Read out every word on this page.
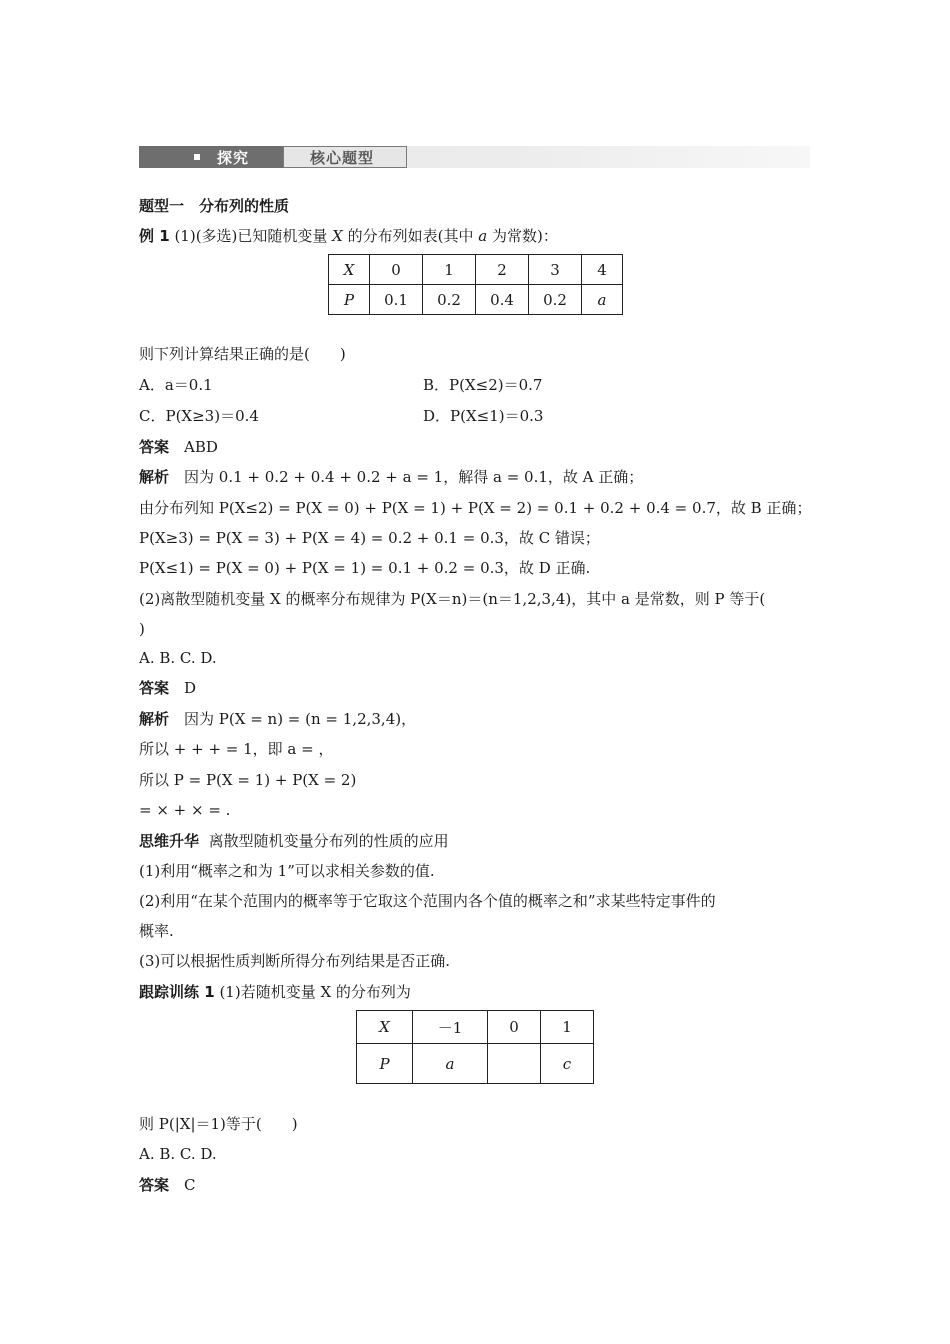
探究	核心题型
题型一　分布列的性质
例 1 (1)(多选)已知随机变量 X 的分布列如表(其中 a 为常数)：
X	0	1	2	3	4
P	0.1	0.2	0.4	0.2	a
则下列计算结果正确的是(　　)
A．a＝0.1	B．P(X≤2)＝0.7
C．P(X≥3)＝0.4	D．P(X≤1)＝0.3
答案　 ABD
解析　 因为 0.1 + 0.2 + 0.4 + 0.2 + a = 1，解得 a = 0.1，故 A 正确；
由分布列知 P(X≤2) = P(X = 0) + P(X = 1) + P(X = 2) = 0.1 + 0.2 + 0.4 = 0.7，故 B 正确；
P(X≥3) = P(X = 3) + P(X = 4) = 0.2 + 0.1 = 0.3，故 C 错误；
P(X≤1) = P(X = 0) + P(X = 1) = 0.1 + 0.2 = 0.3，故 D 正确.
(2)离散型随机变量 X 的概率分布规律为 P(X＝n)＝(n＝1,2,3,4)，其中 a 是常数，则 P 等于(
)
A. B. C. D.
答案　 D
解析　 因为 P(X = n) = (n = 1,2,3,4)，
所以 + + + = 1，即 a = ，
所以 P = P(X = 1) + P(X = 2)
= × + × = .
思维升华 离散型随机变量分布列的性质的应用
(1)利用“概率之和为 1”可以求相关参数的值.
(2)利用“在某个范围内的概率等于它取这个范围内各个值的概率之和”求某些特定事件的
概率.
(3)可以根据性质判断所得分布列结果是否正确.
跟踪训练 1 (1)若随机变量 X 的分布列为
X	－1	0	1
P	a		c
则 P(|X|＝1)等于(　　)
A. B. C. D.
答案　 C
